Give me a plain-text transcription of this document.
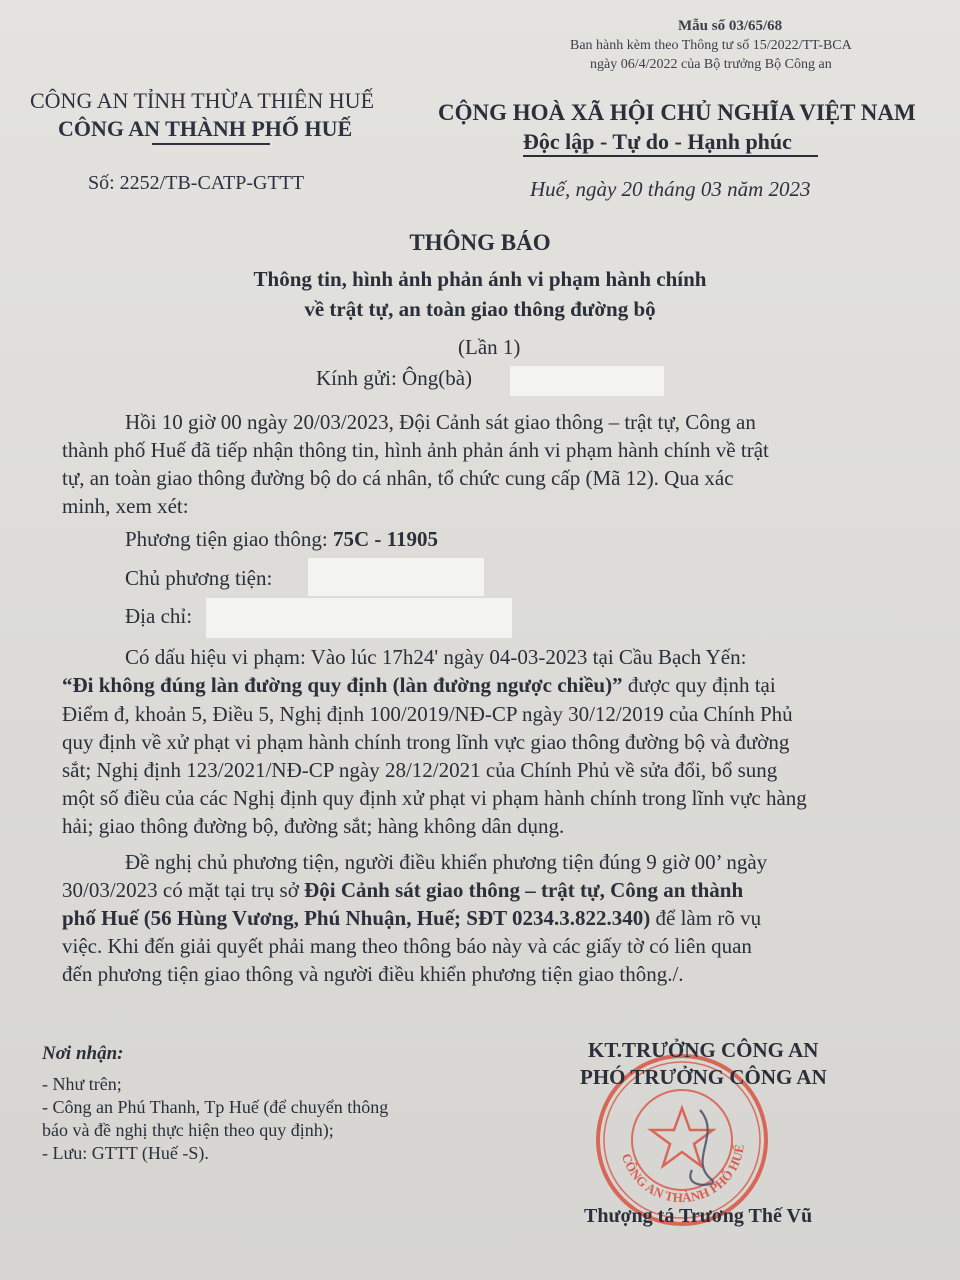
Mẫu số 03/65/68
Ban hành kèm theo Thông tư số 15/2022/TT-BCA
ngày 06/4/2022 của Bộ trưởng Bộ Công an
CÔNG AN TỈNH THỪA THIÊN HUẾ
CÔNG AN THÀNH PHỐ HUẾ
CỘNG HOÀ XÃ HỘI CHỦ NGHĨA VIỆT NAM
Độc lập - Tự do - Hạnh phúc
Số: 2252/TB-CATP-GTTT	Huế, ngày 20 tháng 03 năm 2023
THÔNG BÁO
Thông tin, hình ảnh phản ánh vi phạm hành chính
về trật tự, an toàn giao thông đường bộ
(Lần 1)
Kính gửi: Ông(bà)
Hồi 10 giờ 00 ngày 20/03/2023, Đội Cảnh sát giao thông – trật tự, Công an
thành phố Huế đã tiếp nhận thông tin, hình ảnh phản ánh vi phạm hành chính về trật
tự, an toàn giao thông đường bộ do cá nhân, tổ chức cung cấp (Mã 12). Qua xác
minh, xem xét:
Phương tiện giao thông: 75C - 11905
Chủ phương tiện:
Địa chỉ:
Có dấu hiệu vi phạm: Vào lúc 17h24' ngày 04-03-2023 tại Cầu Bạch Yến:
“Đi không đúng làn đường quy định (làn đường ngược chiều)” được quy định tại
Điểm đ, khoản 5, Điều 5, Nghị định 100/2019/NĐ-CP ngày 30/12/2019 của Chính Phủ
quy định về xử phạt vi phạm hành chính trong lĩnh vực giao thông đường bộ và đường
sắt; Nghị định 123/2021/NĐ-CP ngày 28/12/2021 của Chính Phủ về sửa đổi, bổ sung
một số điều của các Nghị định quy định xử phạt vi phạm hành chính trong lĩnh vực hàng
hải; giao thông đường bộ, đường sắt; hàng không dân dụng.
Đề nghị chủ phương tiện, người điều khiển phương tiện đúng 9 giờ 00’ ngày
30/03/2023 có mặt tại trụ sở Đội Cảnh sát giao thông – trật tự, Công an thành
phố Huế (56 Hùng Vương, Phú Nhuận, Huế; SĐT 0234.3.822.340) để làm rõ vụ
việc. Khi đến giải quyết phải mang theo thông báo này và các giấy tờ có liên quan
đến phương tiện giao thông và người điều khiển phương tiện giao thông./.
Nơi nhận:
- Như trên;
- Công an Phú Thanh, Tp Huế (để chuyển thông
báo và đề nghị thực hiện theo quy định);
- Lưu: GTTT (Huế -S).	CÔNG AN THÀNH PHỐ HUẾ
KT.TRƯỞNG CÔNG AN
PHÓ TRƯỞNG CÔNG AN
Thượng tá Trương Thế Vũ
